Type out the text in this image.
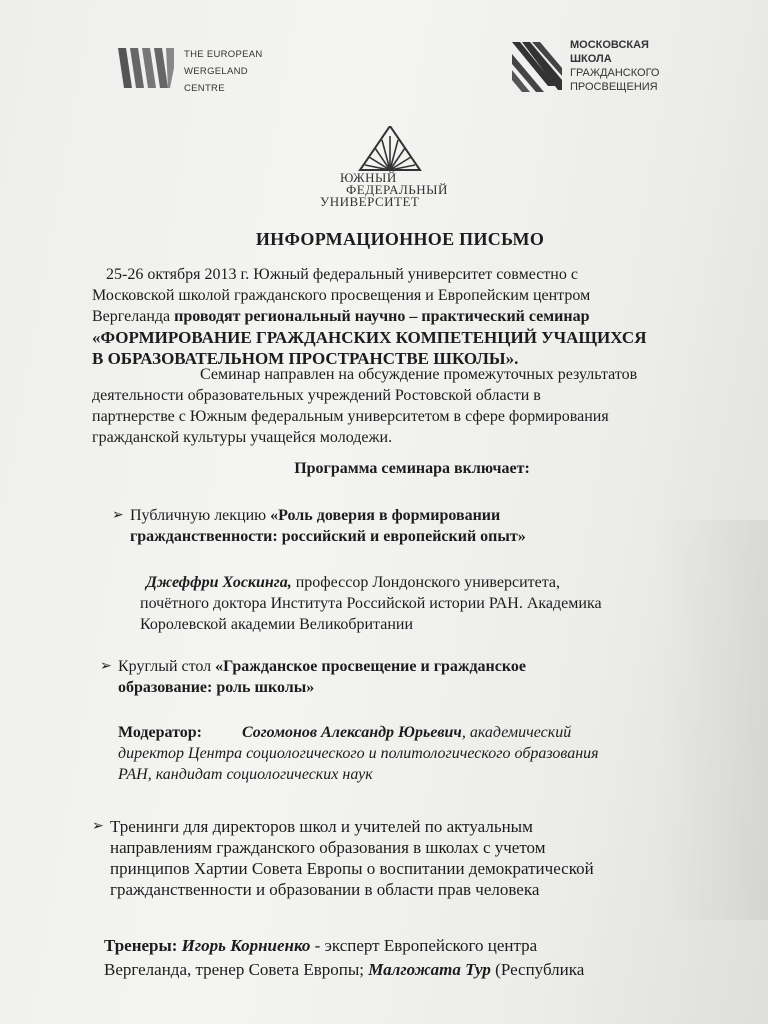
THE EUROPEAN
WERGELAND
CENTRE
МОСКОВСКАЯ
ШКОЛА
ГРАЖДАНСКОГО
ПРОСВЕЩЕНИЯ
ЮЖНЫЙ
ФЕДЕРАЛЬНЫЙ
УНИВЕРСИТЕТ
ИНФОРМАЦИОННОЕ ПИСЬМО
25-26 октября 2013 г. Южный федеральный университет совместно с
Московской школой гражданского просвещения и Европейским центром
Вергеланда проводят региональный научно – практический семинар
«ФОРМИРОВАНИЕ ГРАЖДАНСКИХ КОМПЕТЕНЦИЙ УЧАЩИХСЯ
В ОБРАЗОВАТЕЛЬНОМ ПРОСТРАНСТВЕ ШКОЛЫ».
Семинар направлен на обсуждение промежуточных результатов
деятельности образовательных учреждений Ростовской области в
партнерстве с Южным федеральным университетом в сфере формирования
гражданской культуры учащейся молодежи.
Программа семинара включает:
➢ Публичную лекцию «Роль доверия в формировании
гражданственности: российский и европейский опыт»
Джеффри Хоскинга, профессор Лондонского университета,
почётного доктора Института Российской истории РАН. Академика
Королевской академии Великобритании
➢ Круглый стол «Гражданское просвещение и гражданское
образование: роль школы»
Модератор:	Согомонов Александр Юрьевич, академический
директор Центра социологического и политологического образования
РАН, кандидат социологических наук
➢ Тренинги для директоров школ и учителей по актуальным
направлениям гражданского образования в школах с учетом
принципов Хартии Совета Европы о воспитании демократической
гражданственности и образовании в области прав человека
Тренеры: Игорь Корниенко - эксперт Европейского центра
Вергеланда, тренер Совета Европы; Малгожата Тур (Республика
